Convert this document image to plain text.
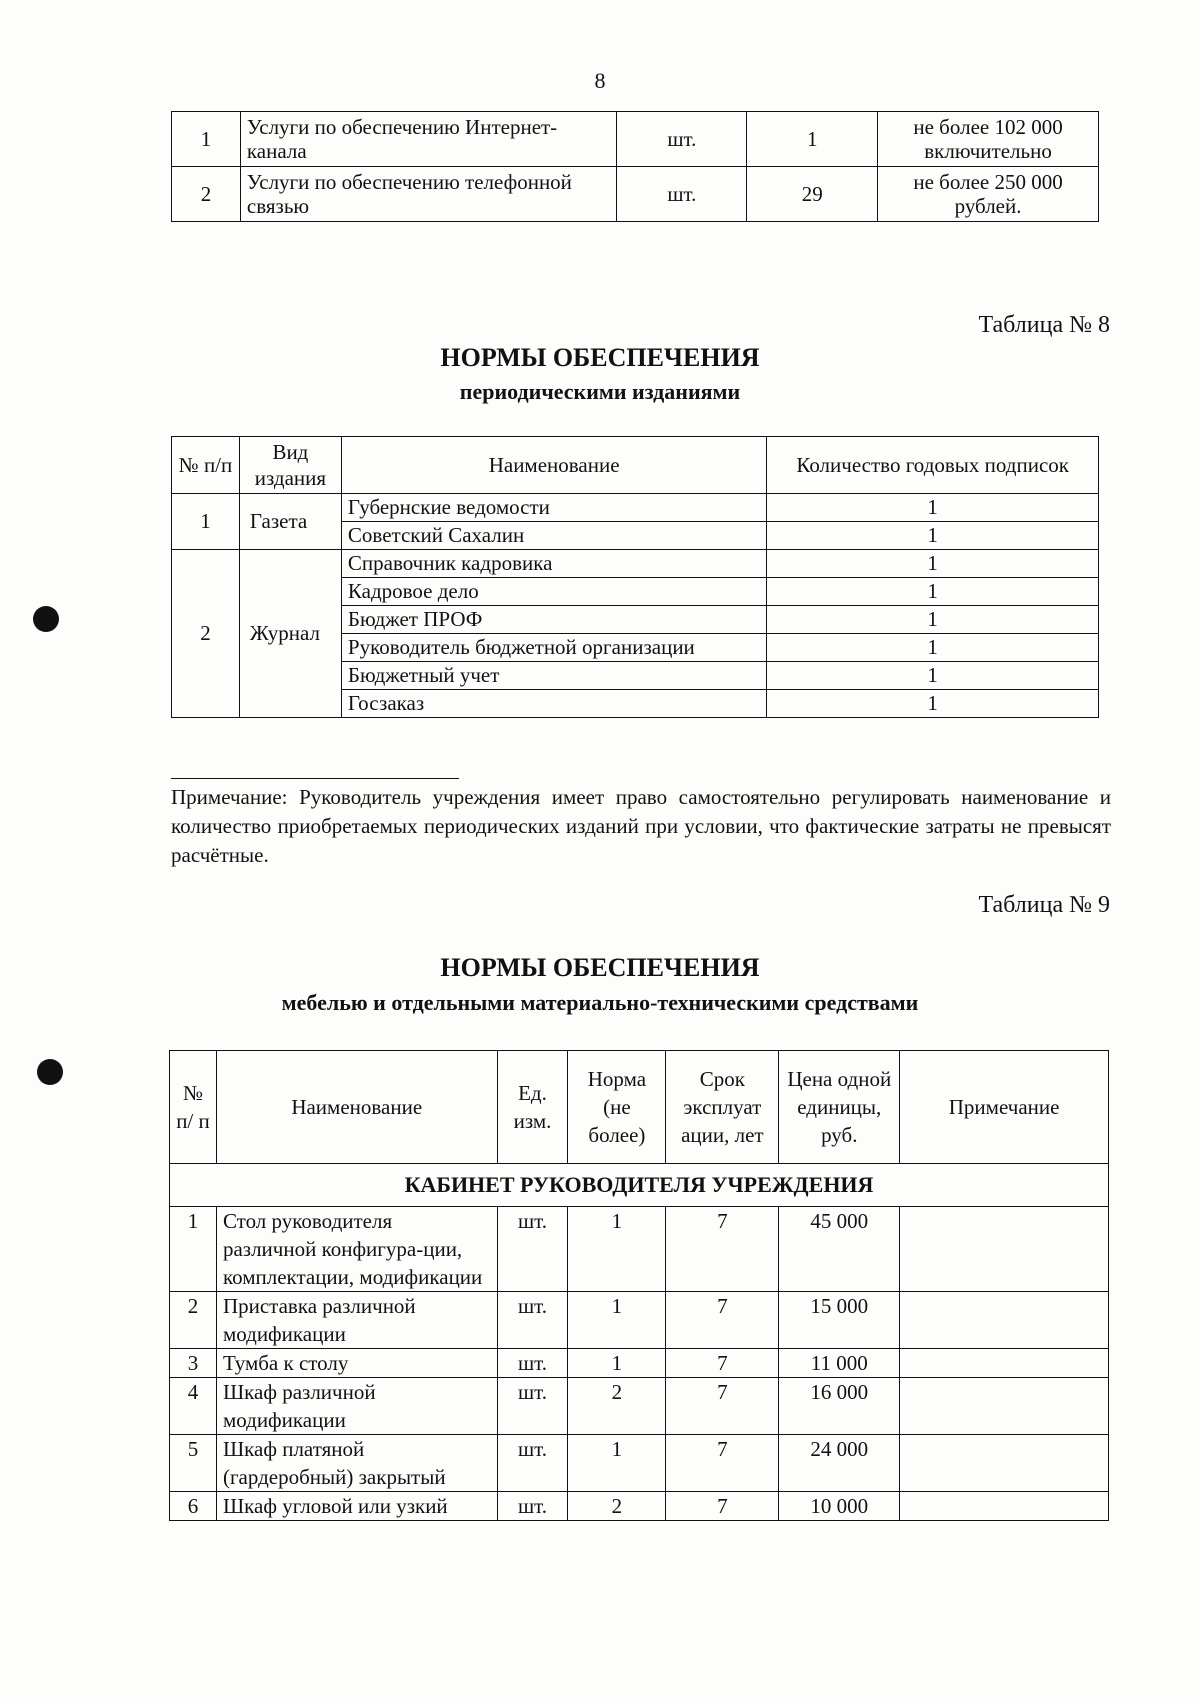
8
1	Услуги по обеспечению Интернет-канала	шт.	1	не более 102 000 включительно
2	Услуги по обеспечению телефонной связью	шт.	29	не более 250 000 рублей.
Таблица № 8
НОРМЫ ОБЕСПЕЧЕНИЯ
периодическими изданиями
№ п/п	Вид издания	Наименование	Количество годовых подписок
1	Газета	Губернские ведомости	1
		Советский Сахалин	1
2	Журнал	Справочник кадровика	1
		Кадровое дело	1
		Бюджет ПРОФ	1
		Руководитель бюджетной организации	1
		Бюджетный учет	1
		Госзаказ	1
Примечание: Руководитель учреждения имеет право самостоятельно регулировать наименование и количество приобретаемых периодических изданий при условии, что фактические затраты не превысят расчётные.
Таблица № 9
НОРМЫ ОБЕСПЕЧЕНИЯ
мебелью и отдельными материально-техническими средствами
№ п/ п	Наименование	Ед. изм.	Норма (не более)	Срок эксплуат ации, лет	Цена одной единицы, руб.	Примечание
КАБИНЕТ РУКОВОДИТЕЛЯ УЧРЕЖДЕНИЯ						
1	Стол руководителя различной конфигура-ции, комплектации, модификации	шт.	1	7	45 000	
2	Приставка различной модификации	шт.	1	7	15 000	
3	Тумба к столу	шт.	1	7	11 000	
4	Шкаф различной модификации	шт.	2	7	16 000	
5	Шкаф платяной (гардеробный) закрытый	шт.	1	7	24 000	
6	Шкаф угловой или узкий	шт.	2	7	10 000	
